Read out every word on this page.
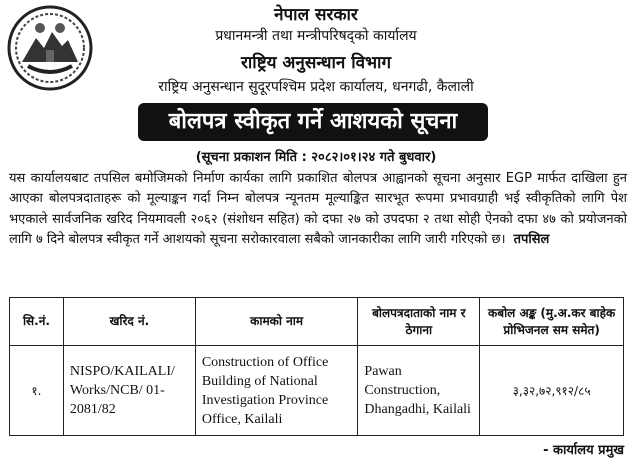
नेपाल सरकार
प्रधानमन्त्री तथा मन्त्रीपरिषद्को कार्यालय
राष्ट्रिय अनुसन्धान विभाग
राष्ट्रिय अनुसन्धान सुदूरपश्चिम प्रदेश कार्यालय, धनगढी, कैलाली
बोलपत्र स्वीकृत गर्ने आशयको सूचना
(सूचना प्रकाशन मिति : २०८२।०१।२४ गते बुधवार)
यस कार्यालयबाट तपसिल बमोजिमको निर्माण कार्यका लागि प्रकाशित बोलपत्र आह्वानको सूचना अनुसार EGP मार्फत दाखिला हुन आएका बोलपत्रदाताहरू को मूल्याङ्कन गर्दा निम्न बोलपत्र न्यूनतम मूल्याङ्कित सारभूत रूपमा प्रभावग्राही भई स्वीकृतिको लागि पेश भएकाले सार्वजनिक खरिद नियमावली २०६२ (संशोधन सहित) को दफा २७ को उपदफा २ तथा सोही ऐनको दफा ४७ को प्रयोजनको लागि ७ दिने बोलपत्र स्वीकृत गर्ने आशयको सूचना सरोकारवाला सबैको जानकारीका लागि जारी गरिएको छ। तपसिल
सि.नं.	खरिद नं.	कामको नाम	बोलपत्रदाताको नाम र ठेगाना	कबोल अङ्क (मु.अ.कर बाहेक प्रोभिजनल सम समेत)
१.	NISPO/KAILALI/ Works/NCB/ 01-2081/82	Construction of Office Building of National Investigation Province Office, Kailali	Pawan Construction, Dhangadhi, Kailali	३,३२,७२,९१२/८५
- कार्यालय प्रमुख
